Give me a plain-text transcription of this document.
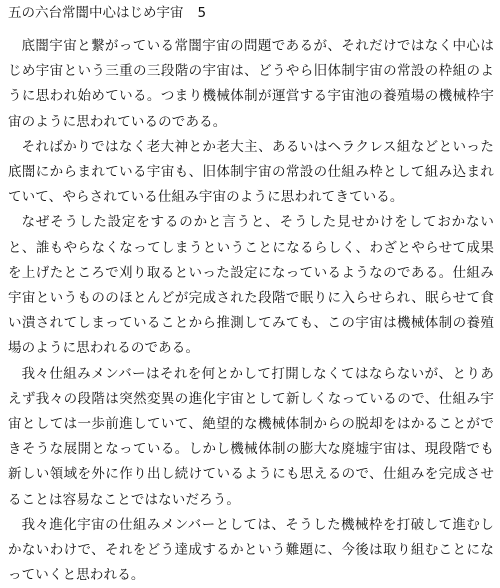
五の六台常闇中心はじめ宇宙 5

底闇宇宙と繋がっている常闇宇宙の問題であるが、それだけではなく中心はじめ宇宙という三重の三段階の宇宙は、どうやら旧体制宇宙の常設の枠組のように思われ始めている。つまり機械体制が運営する宇宙池の養殖場の機械枠宇宙のように思われているのである。

そればかりではなく老大神とか老大主、あるいはヘラクレス組などといった底闇にからまれている宇宙も、旧体制宇宙の常設の仕組み枠として組み込まれていて、やらされている仕組み宇宙のように思われてきている。

なぜそうした設定をするのかと言うと、そうした見せかけをしておかないと、誰もやらなくなってしまうということになるらしく、わざとやらせて成果を上げたところで刈り取るといった設定になっているようなのである。仕組み宇宙というもののほとんどが完成された段階で眠りに入らせられ、眠らせて食い潰されてしまっていることから推測してみても、この宇宙は機械体制の養殖場のように思われるのである。

我々仕組みメンバーはそれを何とかして打開しなくてはならないが、とりあえず我々の段階は突然変異の進化宇宙として新しくなっているので、仕組み宇宙としては一歩前進していて、絶望的な機械体制からの脱却をはかることができそうな展開となっている。しかし機械体制の膨大な廃墟宇宙は、現段階でも新しい領域を外に作り出し続けているようにも思えるので、仕組みを完成させることは容易なことではないだろう。

我々進化宇宙の仕組みメンバーとしては、そうした機械枠を打破して進むしかないわけで、それをどう達成するかという難題に、今後は取り組むことになっていくと思われる。
